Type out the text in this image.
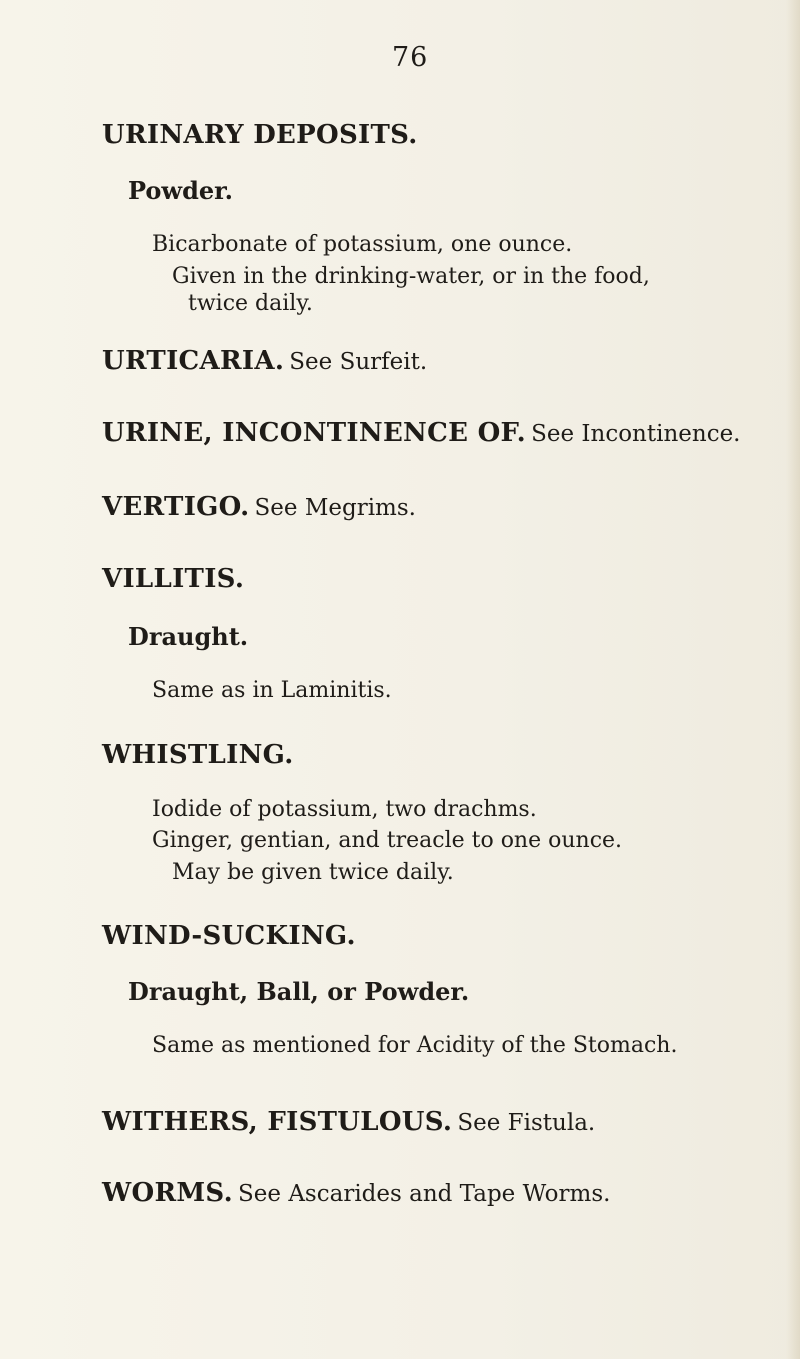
76
URINARY DEPOSITS.
Powder.
Bicarbonate of potassium, one ounce.
Given in the drinking-water, or in the food,
twice daily.
URTICARIA. See Surfeit.
URINE, INCONTINENCE OF. See Incontinence.
VERTIGO. See Megrims.
VILLITIS.
Draught.
Same as in Laminitis.
WHISTLING.
Iodide of potassium, two drachms.
Ginger, gentian, and treacle to one ounce.
May be given twice daily.
WIND-SUCKING.
Draught, Ball, or Powder.
Same as mentioned for Acidity of the Stomach.
WITHERS, FISTULOUS. See Fistula.
WORMS. See Ascarides and Tape Worms.
